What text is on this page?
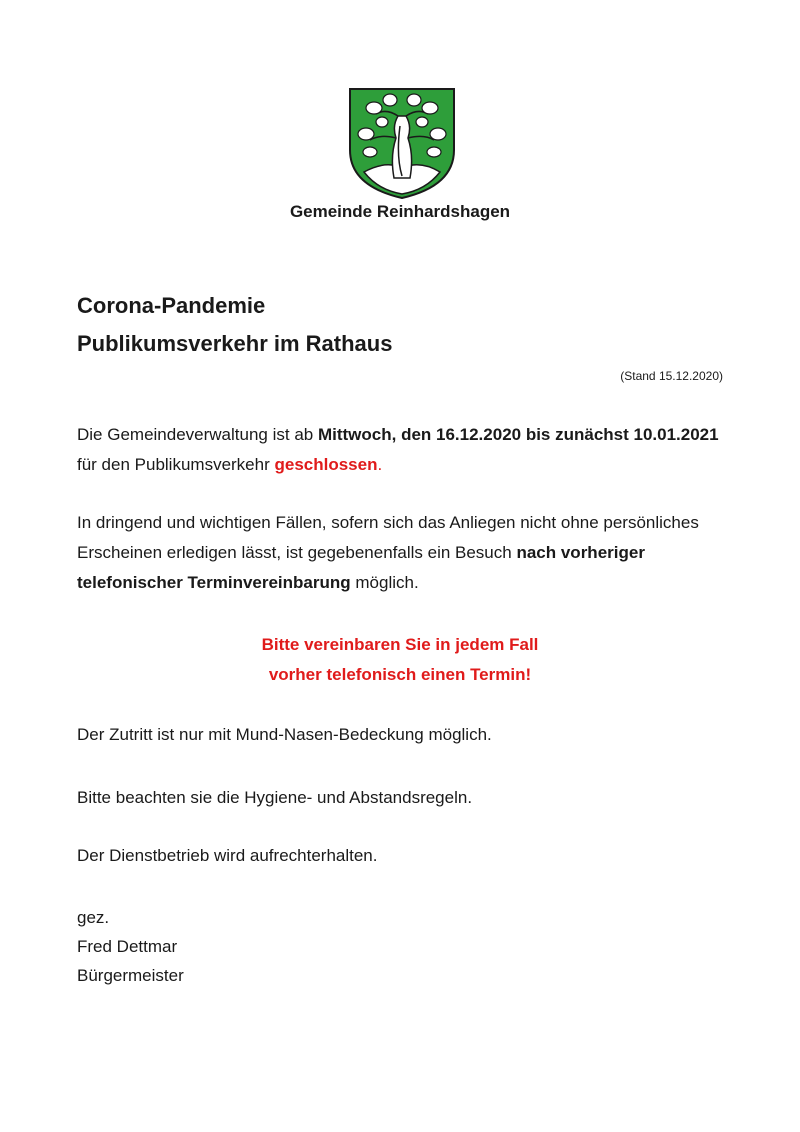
Gemeinde Reinhardshagen
Corona-Pandemie
Publikumsverkehr im Rathaus
(Stand 15.12.2020)
Die Gemeindeverwaltung ist ab Mittwoch, den 16.12.2020 bis zunächst 10.01.2021 für den Publikumsverkehr geschlossen.
In dringend und wichtigen Fällen, sofern sich das Anliegen nicht ohne persönliches Erscheinen erledigen lässt, ist gegebenenfalls ein Besuch nach vorheriger telefonischer Terminvereinbarung möglich.
Bitte vereinbaren Sie in jedem Fall
vorher telefonisch einen Termin!
Der Zutritt ist nur mit Mund-Nasen-Bedeckung möglich.
Bitte beachten sie die Hygiene- und Abstandsregeln.
Der Dienstbetrieb wird aufrechterhalten.
gez.
Fred Dettmar
Bürgermeister
